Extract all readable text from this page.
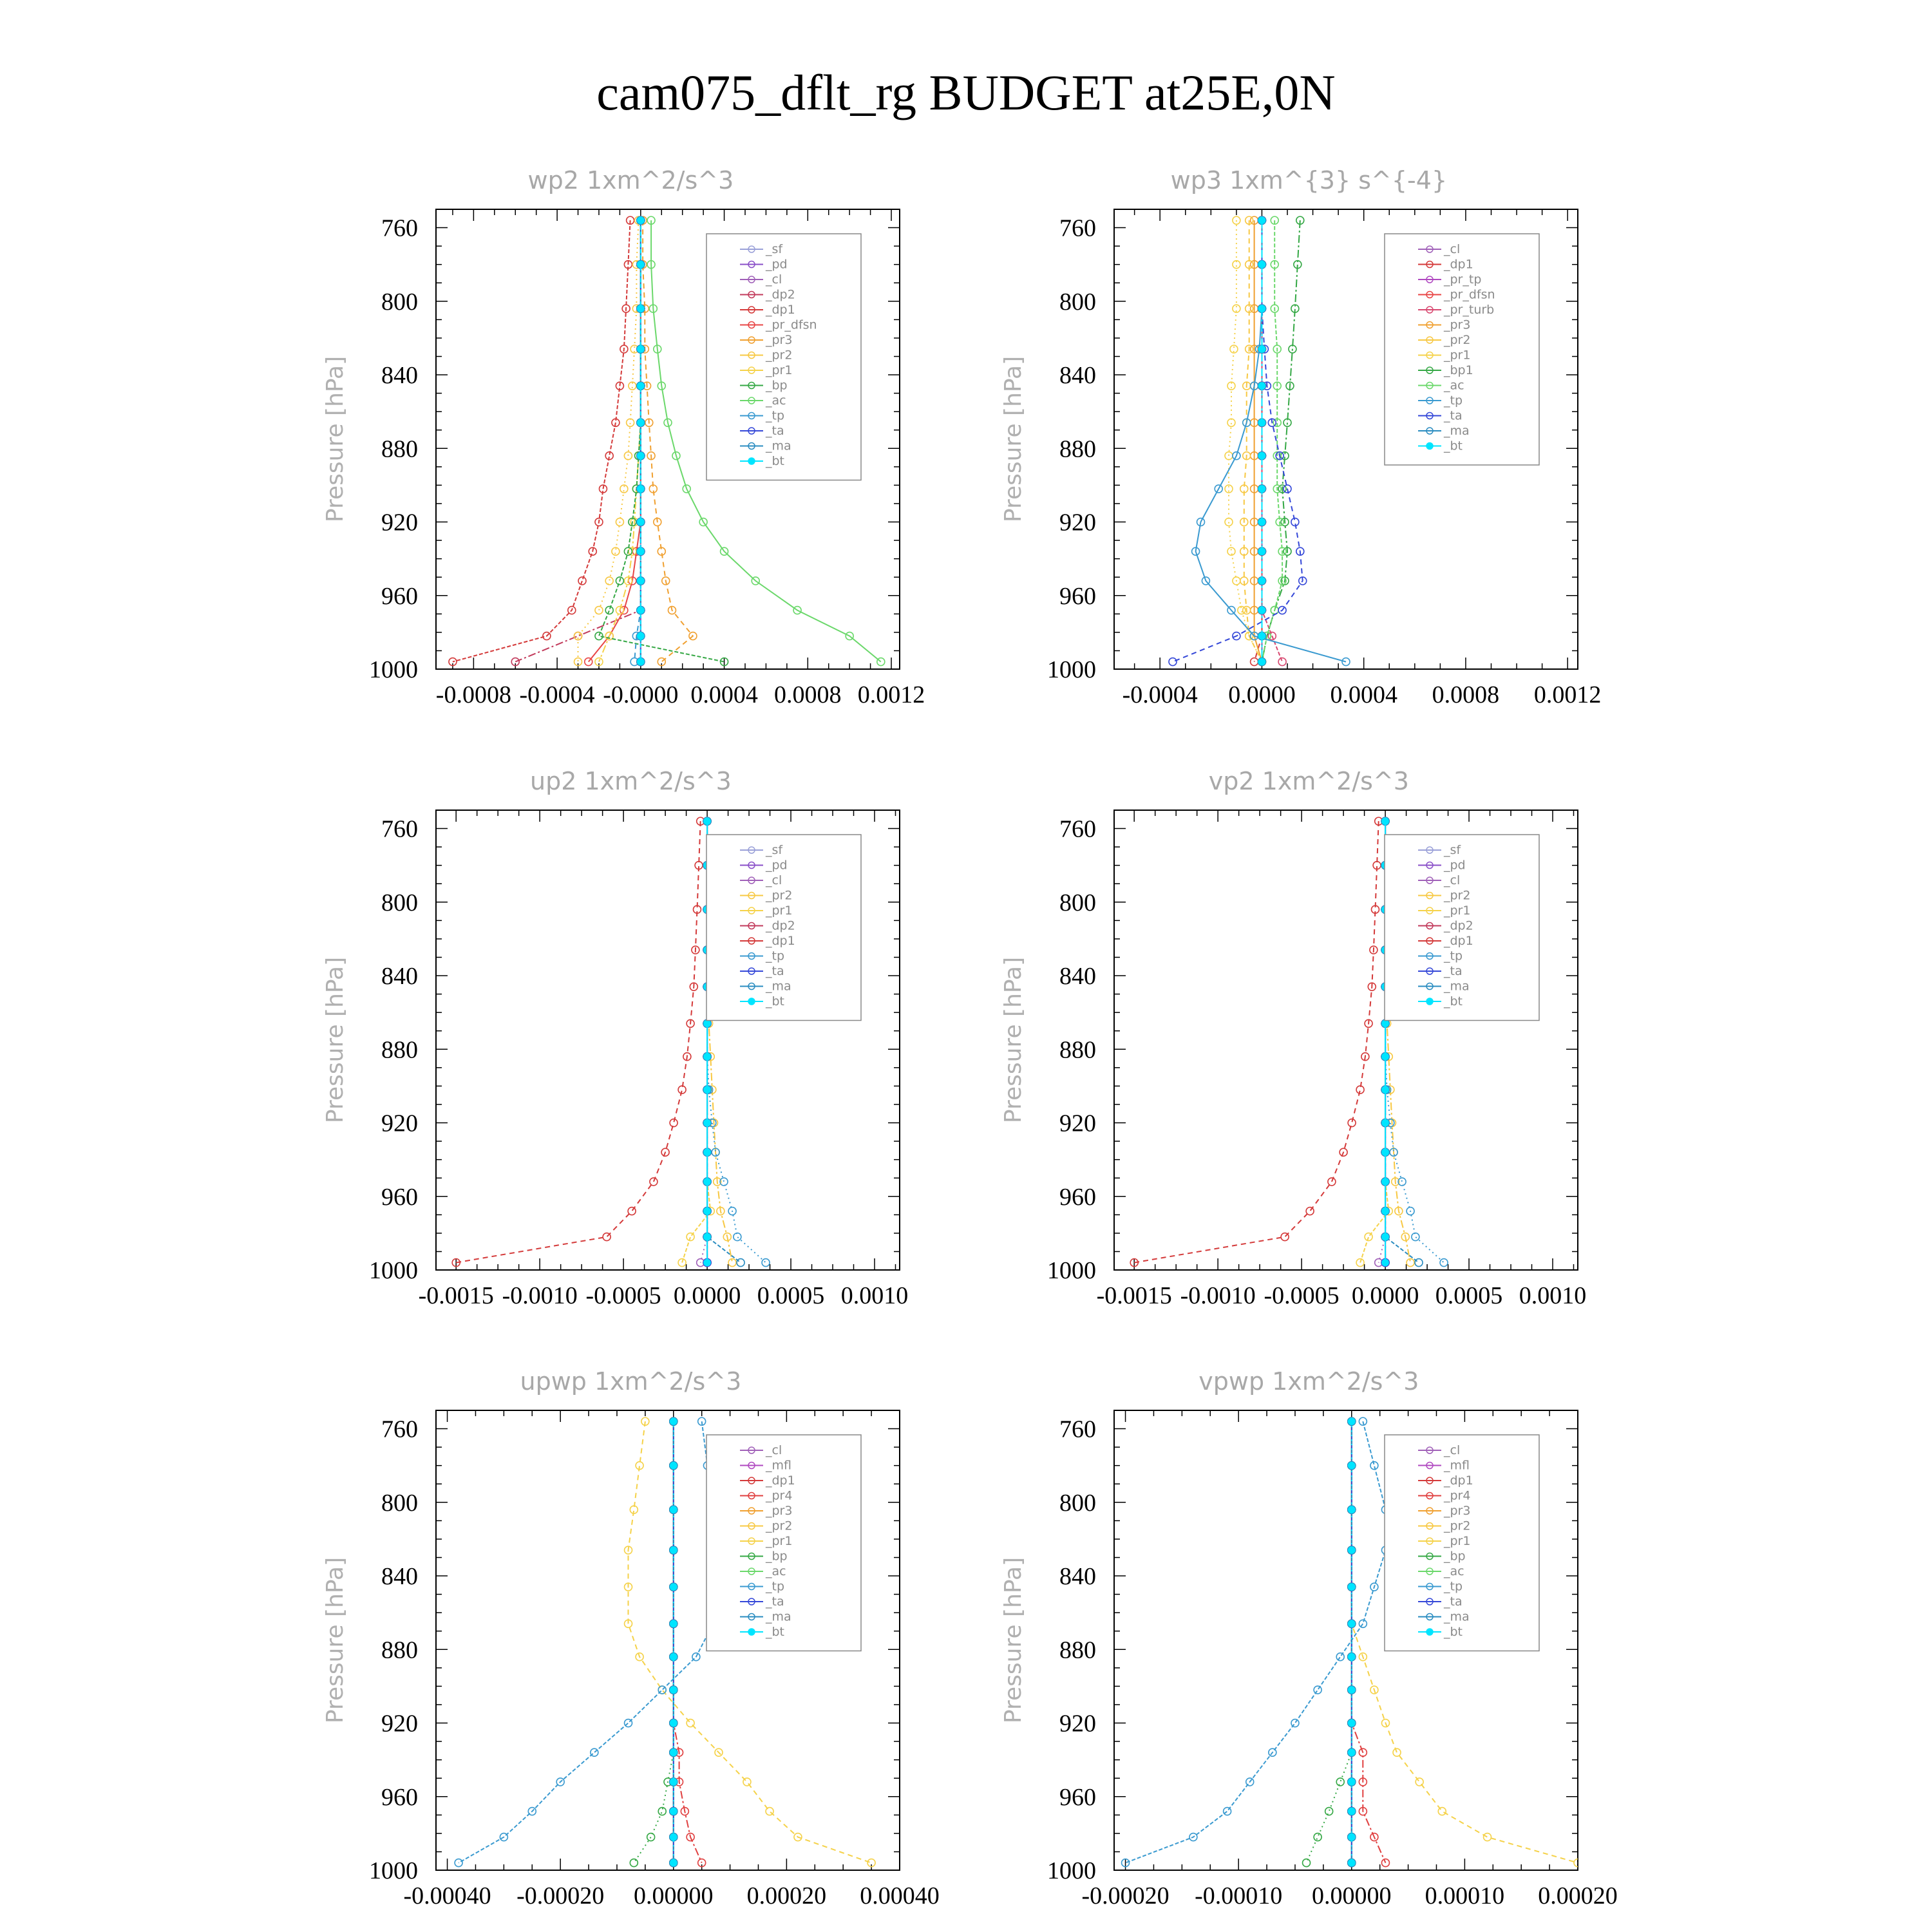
cam075_dflt_rg BUDGET at25E,0N
wp2 1xm^2/s^3
Pressure [hPa]
760
800
840
880
920
960
1000
-0.0008 -0.0004 -0.0000 0.0004 0.0008 0.0012
_sf
_pd
_cl
_dp2
_dp1
_pr_dfsn
_pr3
_pr2
_pr1
_bp
_ac
_tp
_ta
_ma
_bt
wp3 1xm^{3} s^{-4}
Pressure [hPa]
760
800
840
880
920
960
1000
-0.0004 0.0000 0.0004 0.0008 0.0012
_cl
_dp1
_pr_tp
_pr_dfsn
_pr_turb
_pr3
_pr2
_pr1
_bp1
_ac
_tp
_ta
_ma
_bt
up2 1xm^2/s^3
Pressure [hPa]
760
800
840
880
920
960
1000
-0.0015 -0.0010 -0.0005 0.0000 0.0005 0.0010
_sf
_pd
_cl
_pr2
_pr1
_dp2
_dp1
_tp
_ta
_ma
_bt
vp2 1xm^2/s^3
Pressure [hPa]
760
800
840
880
920
960
1000
-0.0015 -0.0010 -0.0005 0.0000 0.0005 0.0010
_sf
_pd
_cl
_pr2
_pr1
_dp2
_dp1
_tp
_ta
_ma
_bt
upwp 1xm^2/s^3
Pressure [hPa]
760
800
840
880
920
960
1000
-0.00040 -0.00020 0.00000 0.00020 0.00040
_cl
_mfl
_dp1
_pr4
_pr3
_pr2
_pr1
_bp
_ac
_tp
_ta
_ma
_bt
vpwp 1xm^2/s^3
Pressure [hPa]
760
800
840
880
920
960
1000
-0.00020 -0.00010 0.00000 0.00010 0.00020
_cl
_mfl
_dp1
_pr4
_pr3
_pr2
_pr1
_bp
_ac
_tp
_ta
_ma
_bt
